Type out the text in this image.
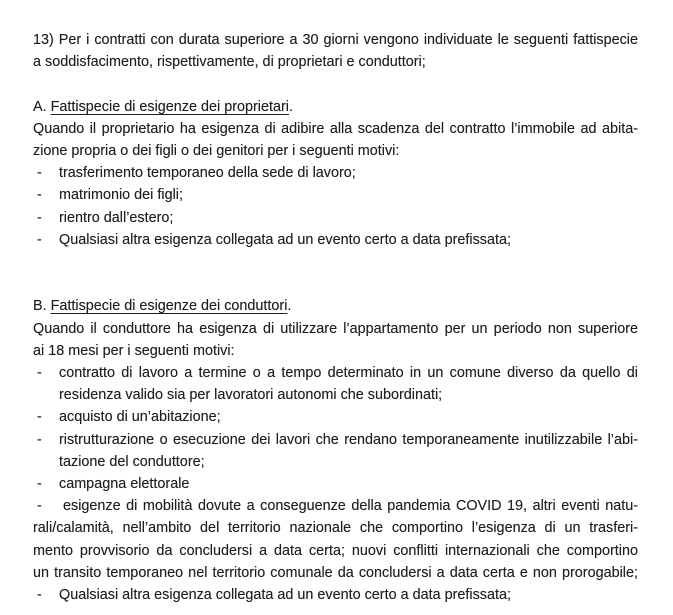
13) Per i contratti con durata superiore a 30 giorni vengono individuate le seguenti fattispecie
a soddisfacimento, rispettivamente, di proprietari e conduttori;
A. Fattispecie di esigenze dei proprietari.
Quando il proprietario ha esigenza di adibire alla scadenza del contratto l’immobile ad abita-
zione propria o dei figli o dei genitori per i seguenti motivi:
-	trasferimento temporaneo della sede di lavoro;
-	matrimonio dei figli;
-	rientro dall’estero;
-	Qualsiasi altra esigenza collegata ad un evento certo a data prefissata;
B. Fattispecie di esigenze dei conduttori.
Quando il conduttore ha esigenza di utilizzare l’appartamento per un periodo non superiore
ai 18 mesi per i seguenti motivi:
-	contratto di lavoro a termine o a tempo determinato in un comune diverso da quello di
residenza valido sia per lavoratori autonomi che subordinati;
-	acquisto di un’abitazione;
-	ristrutturazione o esecuzione dei lavori che rendano temporaneamente inutilizzabile l’abi-
tazione del conduttore;
-	campagna elettorale
-	esigenze di mobilità dovute a conseguenze della pandemia COVID 19, altri eventi natu-
rali/calamità, nell’ambito del territorio nazionale che comportino l’esigenza di un trasferi-
mento provvisorio da concludersi a data certa; nuovi conflitti internazionali che comportino
un transito temporaneo nel territorio comunale da concludersi a data certa e non prorogabile;
-	Qualsiasi altra esigenza collegata ad un evento certo a data prefissata;
